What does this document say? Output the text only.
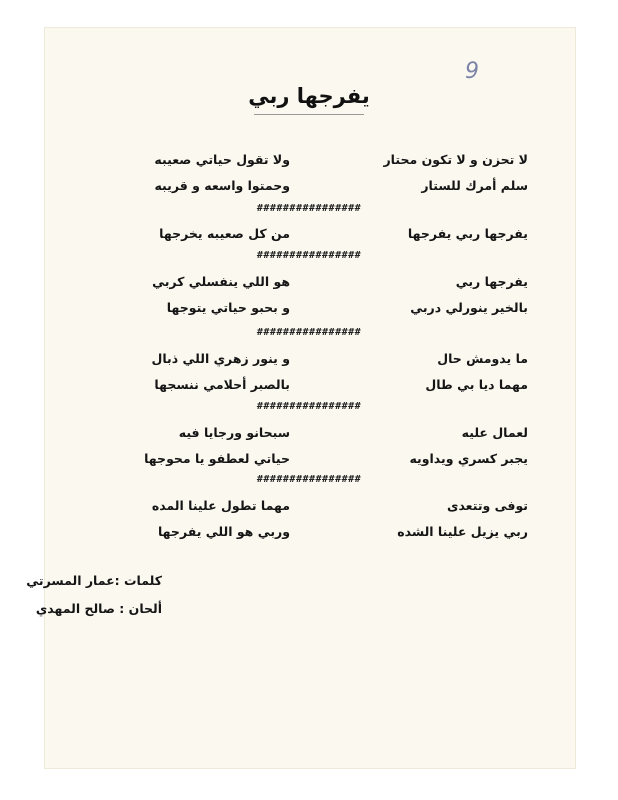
9
يفرجها ربي
لا تحزن و لا تكون محتار
ولا تقول حياتي صعيبه
سلم أمرك للستار
وحمتوا واسعه و قريبه
################
يفرجها ربي يفرجها
من كل صعيبه يخرجها
################
يفرجها ربي
هو اللي ينفسلي كربي
بالخير ينورلي دربي
و بحبو حياتي يتوجها
################
ما يدومش حال
و ينور زهري اللي ذبال
مهما ديا بي طال
بالصبر أحلامي ننسجها
################
لعمال عليه
سبحانو ورجايا فيه
يجبر كسري ويداويه
حياتي لعطفو يا محوجها
################
توفى وتتعدى
مهما تطول علينا المده
ربي يزيل علينا الشده
وربي هو اللي يفرجها
كلمات :عمار المسرتي
ألحان : صالح المهدي
